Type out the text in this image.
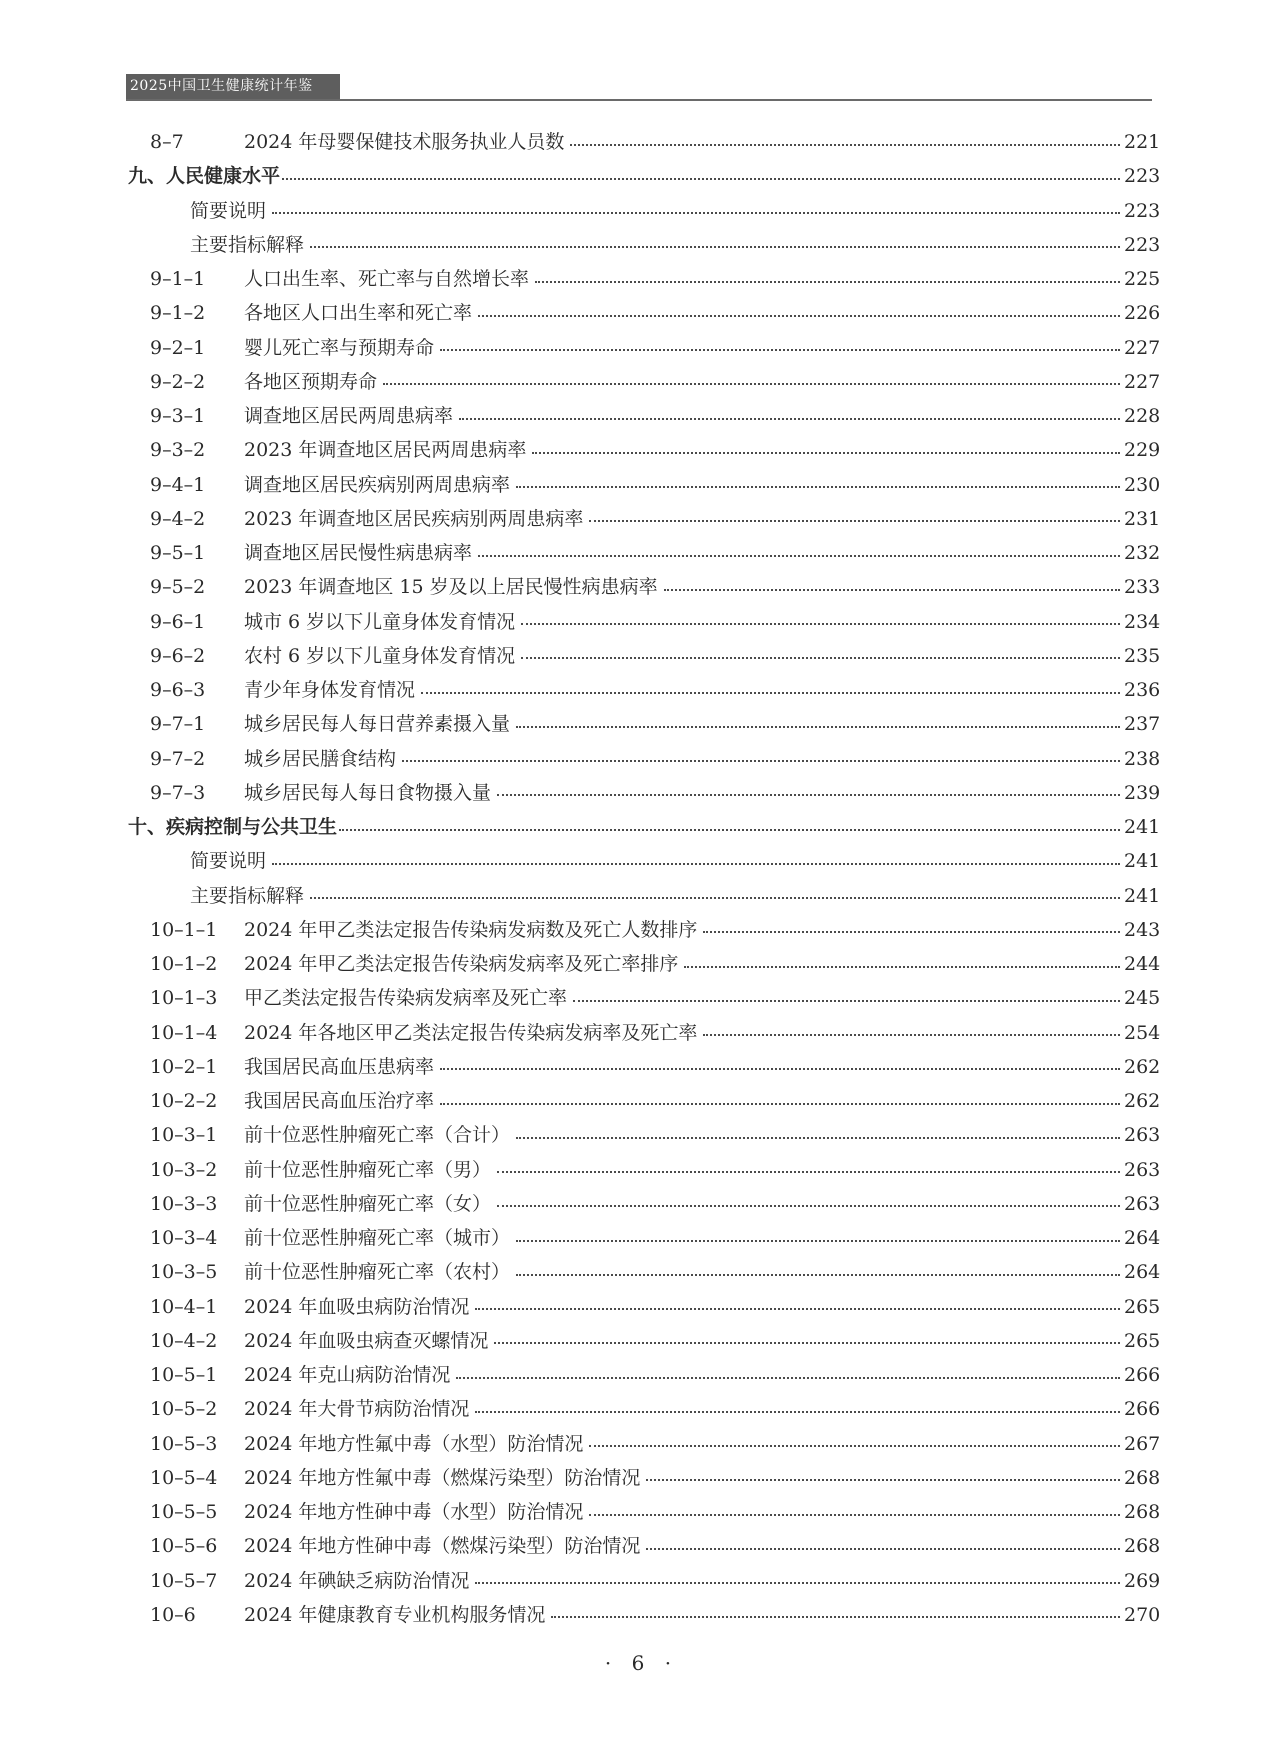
2025中国卫生健康统计年鉴
8–7	2024 年母婴保健技术服务执业人员数	221
九、人民健康水平	223
简要说明	223
主要指标解释	223
9–1–1	人口出生率、死亡率与自然增长率	225
9–1–2	各地区人口出生率和死亡率	226
9–2–1	婴儿死亡率与预期寿命	227
9–2–2	各地区预期寿命	227
9–3–1	调查地区居民两周患病率	228
9–3–2	2023 年调查地区居民两周患病率	229
9–4–1	调查地区居民疾病别两周患病率	230
9–4–2	2023 年调查地区居民疾病别两周患病率	231
9–5–1	调查地区居民慢性病患病率	232
9–5–2	2023 年调查地区 15 岁及以上居民慢性病患病率	233
9–6–1	城市 6 岁以下儿童身体发育情况	234
9–6–2	农村 6 岁以下儿童身体发育情况	235
9–6–3	青少年身体发育情况	236
9–7–1	城乡居民每人每日营养素摄入量	237
9–7–2	城乡居民膳食结构	238
9–7–3	城乡居民每人每日食物摄入量	239
十、疾病控制与公共卫生	241
简要说明	241
主要指标解释	241
10–1–1	2024 年甲乙类法定报告传染病发病数及死亡人数排序	243
10–1–2	2024 年甲乙类法定报告传染病发病率及死亡率排序	244
10–1–3	甲乙类法定报告传染病发病率及死亡率	245
10–1–4	2024 年各地区甲乙类法定报告传染病发病率及死亡率	254
10–2–1	我国居民高血压患病率	262
10–2–2	我国居民高血压治疗率	262
10–3–1	前十位恶性肿瘤死亡率（合计）	263
10–3–2	前十位恶性肿瘤死亡率（男）	263
10–3–3	前十位恶性肿瘤死亡率（女）	263
10–3–4	前十位恶性肿瘤死亡率（城市）	264
10–3–5	前十位恶性肿瘤死亡率（农村）	264
10–4–1	2024 年血吸虫病防治情况	265
10–4–2	2024 年血吸虫病查灭螺情况	265
10–5–1	2024 年克山病防治情况	266
10–5–2	2024 年大骨节病防治情况	266
10–5–3	2024 年地方性氟中毒（水型）防治情况	267
10–5–4	2024 年地方性氟中毒（燃煤污染型）防治情况	268
10–5–5	2024 年地方性砷中毒（水型）防治情况	268
10–5–6	2024 年地方性砷中毒（燃煤污染型）防治情况	268
10–5–7	2024 年碘缺乏病防治情况	269
10–6	2024 年健康教育专业机构服务情况	270
· 6 ·
